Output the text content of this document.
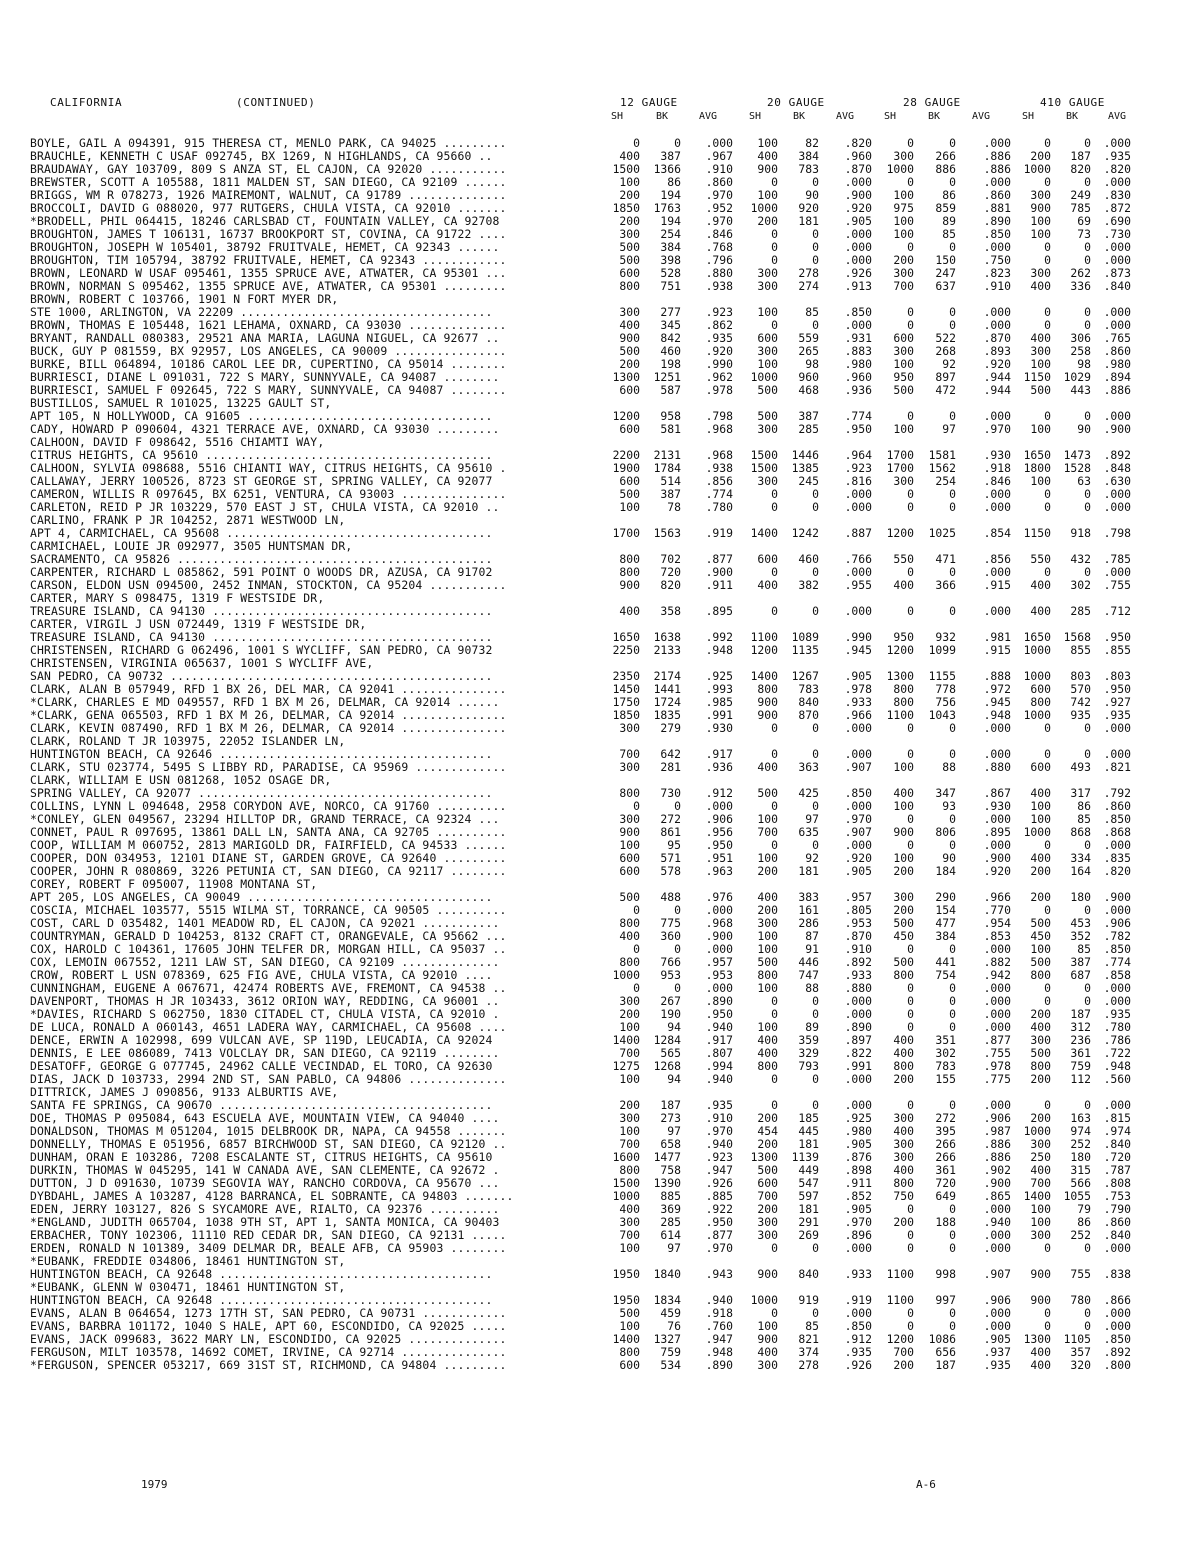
CALIFORNIA	(CONTINUED)	12 GAUGE	20 GAUGE	28 GAUGE	410 GAUGE
SH	BK	AVG	SH	BK	AVG	SH	BK	AVG	SH	BK	AVG
BOYLE, GAIL A 094391, 915 THERESA CT, MENLO PARK, CA 94025 .........	0	0	.000	100	82	.820	0	0	.000	0	0	.000
BRAUCHLE, KENNETH C USAF 092745, BX 1269, N HIGHLANDS, CA 95660 ..	400	387	.967	400	384	.960	300	266	.886	200	187	.935
BRAUDAWAY, GAY 103709, 809 S ANZA ST, EL CAJON, CA 92020 ...........	1500	1366	.910	900	783	.870	1000	886	.886	1000	820	.820
BREWSTER, SCOTT A 105588, 1811 MALDEN ST, SAN DIEGO, CA 92109 ......	100	86	.860	0	0	.000	0	0	.000	0	0	.000
BRIGGS, WM R 078273, 1926 MAIREMONT, WALNUT, CA 91789 ..............	200	194	.970	100	90	.900	100	86	.860	300	249	.830
BROCCOLI, DAVID G 088020, 977 RUTGERS, CHULA VISTA, CA 92010 .......	1850	1763	.952	1000	920	.920	975	859	.881	900	785	.872
*BRODELL, PHIL 064415, 18246 CARLSBAD CT, FOUNTAIN VALLEY, CA 92708	200	194	.970	200	181	.905	100	89	.890	100	69	.690
BROUGHTON, JAMES T 106131, 16737 BROOKPORT ST, COVINA, CA 91722 ....	300	254	.846	0	0	.000	100	85	.850	100	73	.730
BROUGHTON, JOSEPH W 105401, 38792 FRUITVALE, HEMET, CA 92343 ......	500	384	.768	0	0	.000	0	0	.000	0	0	.000
BROUGHTON, TIM 105794, 38792 FRUITVALE, HEMET, CA 92343 ............	500	398	.796	0	0	.000	200	150	.750	0	0	.000
BROWN, LEONARD W USAF 095461, 1355 SPRUCE AVE, ATWATER, CA 95301 ...	600	528	.880	300	278	.926	300	247	.823	300	262	.873
BROWN, NORMAN S 095462, 1355 SPRUCE AVE, ATWATER, CA 95301 .........	800	751	.938	300	274	.913	700	637	.910	400	336	.840
BROWN, ROBERT C 103766, 1901 N FORT MYER DR,
STE 1000, ARLINGTON, VA 22209 ....................................	300	277	.923	100	85	.850	0	0	.000	0	0	.000
BROWN, THOMAS E 105448, 1621 LEHAMA, OXNARD, CA 93030 ..............	400	345	.862	0	0	.000	0	0	.000	0	0	.000
BRYANT, RANDALL 080383, 29521 ANA MARIA, LAGUNA NIGUEL, CA 92677 ..	900	842	.935	600	559	.931	600	522	.870	400	306	.765
BUCK, GUY P 081559, BX 92957, LOS ANGELES, CA 90009 ................	500	460	.920	300	265	.883	300	268	.893	300	258	.860
BURKE, BILL 064894, 10186 CAROL LEE DR, CUPERTINO, CA 95014 ........	200	198	.990	100	98	.980	100	92	.920	100	98	.980
BURRIESCI, DIANE L 091031, 722 S MARY, SUNNYVALE, CA 94087 ........	1300	1251	.962	1000	960	.960	950	897	.944	1150	1029	.894
BURRIESCI, SAMUEL F 092645, 722 S MARY, SUNNYVALE, CA 94087 ........	600	587	.978	500	468	.936	500	472	.944	500	443	.886
BUSTILLOS, SAMUEL R 101025, 13225 GAULT ST,
APT 105, N HOLLYWOOD, CA 91605 ...................................	1200	958	.798	500	387	.774	0	0	.000	0	0	.000
CADY, HOWARD P 090604, 4321 TERRACE AVE, OXNARD, CA 93030 .........	600	581	.968	300	285	.950	100	97	.970	100	90	.900
CALHOON, DAVID F 098642, 5516 CHIAMTI WAY,
CITRUS HEIGHTS, CA 95610 .........................................	2200	2131	.968	1500	1446	.964	1700	1581	.930	1650	1473	.892
CALHOON, SYLVIA 098688, 5516 CHIANTI WAY, CITRUS HEIGHTS, CA 95610 .	1900	1784	.938	1500	1385	.923	1700	1562	.918	1800	1528	.848
CALLAWAY, JERRY 100526, 8723 ST GEORGE ST, SPRING VALLEY, CA 92077	600	514	.856	300	245	.816	300	254	.846	100	63	.630
CAMERON, WILLIS R 097645, BX 6251, VENTURA, CA 93003 ...............	500	387	.774	0	0	.000	0	0	.000	0	0	.000
CARLETON, REID P JR 103229, 570 EAST J ST, CHULA VISTA, CA 92010 ..	100	78	.780	0	0	.000	0	0	.000	0	0	.000
CARLINO, FRANK P JR 104252, 2871 WESTWOOD LN,
APT 4, CARMICHAEL, CA 95608 ......................................	1700	1563	.919	1400	1242	.887	1200	1025	.854	1150	918	.798
CARMICHAEL, LOUIE JR 092977, 3505 HUNTSMAN DR,
SACRAMENTO, CA 95826 .............................................	800	702	.877	600	460	.766	550	471	.856	550	432	.785
CARPENTER, RICHARD L 085862, 591 POINT O WOODS DR, AZUSA, CA 91702	800	720	.900	0	0	.000	0	0	.000	0	0	.000
CARSON, ELDON USN 094500, 2452 INMAN, STOCKTON, CA 95204 ...........	900	820	.911	400	382	.955	400	366	.915	400	302	.755
CARTER, MARY S 098475, 1319 F WESTSIDE DR,
TREASURE ISLAND, CA 94130 ........................................	400	358	.895	0	0	.000	0	0	.000	400	285	.712
CARTER, VIRGIL J USN 072449, 1319 F WESTSIDE DR,
TREASURE ISLAND, CA 94130 ........................................	1650	1638	.992	1100	1089	.990	950	932	.981	1650	1568	.950
CHRISTENSEN, RICHARD G 062496, 1001 S WYCLIFF, SAN PEDRO, CA 90732	2250	2133	.948	1200	1135	.945	1200	1099	.915	1000	855	.855
CHRISTENSEN, VIRGINIA 065637, 1001 S WYCLIFF AVE,
SAN PEDRO, CA 90732 ..............................................	2350	2174	.925	1400	1267	.905	1300	1155	.888	1000	803	.803
CLARK, ALAN B 057949, RFD 1 BX 26, DEL MAR, CA 92041 ...............	1450	1441	.993	800	783	.978	800	778	.972	600	570	.950
*CLARK, CHARLES E MD 049557, RFD 1 BX M 26, DELMAR, CA 92014 ......	1750	1724	.985	900	840	.933	800	756	.945	800	742	.927
*CLARK, GENA 065503, RFD 1 BX M 26, DELMAR, CA 92014 ...............	1850	1835	.991	900	870	.966	1100	1043	.948	1000	935	.935
CLARK, KEVIN 087490, RFD 1 BX M 26, DELMAR, CA 92014 ...............	300	279	.930	0	0	.000	0	0	.000	0	0	.000
CLARK, ROLAND T JR 103975, 22052 ISLANDER LN,
HUNTINGTON BEACH, CA 92646 .......................................	700	642	.917	0	0	.000	0	0	.000	0	0	.000
CLARK, STU 023774, 5495 S LIBBY RD, PARADISE, CA 95969 .............	300	281	.936	400	363	.907	100	88	.880	600	493	.821
CLARK, WILLIAM E USN 081268, 1052 OSAGE DR,
SPRING VALLEY, CA 92077 ..........................................	800	730	.912	500	425	.850	400	347	.867	400	317	.792
COLLINS, LYNN L 094648, 2958 CORYDON AVE, NORCO, CA 91760 ..........	0	0	.000	0	0	.000	100	93	.930	100	86	.860
*CONLEY, GLEN 049567, 23294 HILLTOP DR, GRAND TERRACE, CA 92324 ...	300	272	.906	100	97	.970	0	0	.000	100	85	.850
CONNET, PAUL R 097695, 13861 DALL LN, SANTA ANA, CA 92705 ..........	900	861	.956	700	635	.907	900	806	.895	1000	868	.868
COOP, WILLIAM M 060752, 2813 MARIGOLD DR, FAIRFIELD, CA 94533 ......	100	95	.950	0	0	.000	0	0	.000	0	0	.000
COOPER, DON 034953, 12101 DIANE ST, GARDEN GROVE, CA 92640 .........	600	571	.951	100	92	.920	100	90	.900	400	334	.835
COOPER, JOHN R 080869, 3226 PETUNIA CT, SAN DIEGO, CA 92117 ........	600	578	.963	200	181	.905	200	184	.920	200	164	.820
COREY, ROBERT F 095007, 11908 MONTANA ST,
APT 205, LOS ANGELES, CA 90049 ...................................	500	488	.976	400	383	.957	300	290	.966	200	180	.900
COSCIA, MICHAEL 103577, 5515 WILMA ST, TORRANCE, CA 90505 ..........	0	0	.000	200	161	.805	200	154	.770	0	0	.000
COST, CARL D 035482, 1401 MEADOW RD, EL CAJON, CA 92021 ...........	800	775	.968	300	286	.953	500	477	.954	500	453	.906
COUNTRYMAN, GERALD D 104253, 8132 CRAFT CT, ORANGEVALE, CA 95662 ...	400	360	.900	100	87	.870	450	384	.853	450	352	.782
COX, HAROLD C 104361, 17605 JOHN TELFER DR, MORGAN HILL, CA 95037 ..	0	0	.000	100	91	.910	0	0	.000	100	85	.850
COX, LEMOIN 067552, 1211 LAW ST, SAN DIEGO, CA 92109 ..............	800	766	.957	500	446	.892	500	441	.882	500	387	.774
CROW, ROBERT L USN 078369, 625 FIG AVE, CHULA VISTA, CA 92010 ....	1000	953	.953	800	747	.933	800	754	.942	800	687	.858
CUNNINGHAM, EUGENE A 067671, 42474 ROBERTS AVE, FREMONT, CA 94538 ..	0	0	.000	100	88	.880	0	0	.000	0	0	.000
DAVENPORT, THOMAS H JR 103433, 3612 ORION WAY, REDDING, CA 96001 ..	300	267	.890	0	0	.000	0	0	.000	0	0	.000
*DAVIES, RICHARD S 062750, 1830 CITADEL CT, CHULA VISTA, CA 92010 .	200	190	.950	0	0	.000	0	0	.000	200	187	.935
DE LUCA, RONALD A 060143, 4651 LADERA WAY, CARMICHAEL, CA 95608 ....	100	94	.940	100	89	.890	0	0	.000	400	312	.780
DENCE, ERWIN A 102998, 699 VULCAN AVE, SP 119D, LEUCADIA, CA 92024	1400	1284	.917	400	359	.897	400	351	.877	300	236	.786
DENNIS, E LEE 086089, 7413 VOLCLAY DR, SAN DIEGO, CA 92119 ........	700	565	.807	400	329	.822	400	302	.755	500	361	.722
DESATOFF, GEORGE G 077745, 24962 CALLE VECINDAD, EL TORO, CA 92630	1275	1268	.994	800	793	.991	800	783	.978	800	759	.948
DIAS, JACK D 103733, 2994 2ND ST, SAN PABLO, CA 94806 ..............	100	94	.940	0	0	.000	200	155	.775	200	112	.560
DITTRICK, JAMES J 090856, 9133 ALBURTIS AVE,
SANTA FE SPRINGS, CA 90670 .......................................	200	187	.935	0	0	.000	0	0	.000	0	0	.000
DOE, THOMAS P 095084, 643 ESCUELA AVE, MOUNTAIN VIEW, CA 94040 ....	300	273	.910	200	185	.925	300	272	.906	200	163	.815
DONALDSON, THOMAS M 051204, 1015 DELBROOK DR, NAPA, CA 94558 .......	100	97	.970	454	445	.980	400	395	.987	1000	974	.974
DONNELLY, THOMAS E 051956, 6857 BIRCHWOOD ST, SAN DIEGO, CA 92120 ..	700	658	.940	200	181	.905	300	266	.886	300	252	.840
DUNHAM, ORAN E 103286, 7208 ESCALANTE ST, CITRUS HEIGHTS, CA 95610	1600	1477	.923	1300	1139	.876	300	266	.886	250	180	.720
DURKIN, THOMAS W 045295, 141 W CANADA AVE, SAN CLEMENTE, CA 92672 .	800	758	.947	500	449	.898	400	361	.902	400	315	.787
DUTTON, J D 091630, 10739 SEGOVIA WAY, RANCHO CORDOVA, CA 95670 ...	1500	1390	.926	600	547	.911	800	720	.900	700	566	.808
DYBDAHL, JAMES A 103287, 4128 BARRANCA, EL SOBRANTE, CA 94803 .......	1000	885	.885	700	597	.852	750	649	.865	1400	1055	.753
EDEN, JERRY 103127, 826 S SYCAMORE AVE, RIALTO, CA 92376 ..........	400	369	.922	200	181	.905	0	0	.000	100	79	.790
*ENGLAND, JUDITH 065704, 1038 9TH ST, APT 1, SANTA MONICA, CA 90403	300	285	.950	300	291	.970	200	188	.940	100	86	.860
ERBACHER, TONY 102306, 11110 RED CEDAR DR, SAN DIEGO, CA 92131 .....	700	614	.877	300	269	.896	0	0	.000	300	252	.840
ERDEN, RONALD N 101389, 3409 DELMAR DR, BEALE AFB, CA 95903 ........	100	97	.970	0	0	.000	0	0	.000	0	0	.000
*EUBANK, FREDDIE 034806, 18461 HUNTINGTON ST,
HUNTINGTON BEACH, CA 92648 .......................................	1950	1840	.943	900	840	.933	1100	998	.907	900	755	.838
*EUBANK, GLENN W 030471, 18461 HUNTINGTON ST,
HUNTINGTON BEACH, CA 92648 .......................................	1950	1834	.940	1000	919	.919	1100	997	.906	900	780	.866
EVANS, ALAN B 064654, 1273 17TH ST, SAN PEDRO, CA 90731 ............	500	459	.918	0	0	.000	0	0	.000	0	0	.000
EVANS, BARBRA 101172, 1040 S HALE, APT 60, ESCONDIDO, CA 92025 .....	100	76	.760	100	85	.850	0	0	.000	0	0	.000
EVANS, JACK 099683, 3622 MARY LN, ESCONDIDO, CA 92025 ..............	1400	1327	.947	900	821	.912	1200	1086	.905	1300	1105	.850
FERGUSON, MILT 103578, 14692 COMET, IRVINE, CA 92714 ...............	800	759	.948	400	374	.935	700	656	.937	400	357	.892
*FERGUSON, SPENCER 053217, 669 31ST ST, RICHMOND, CA 94804 .........	600	534	.890	300	278	.926	200	187	.935	400	320	.800
1979	A-6
